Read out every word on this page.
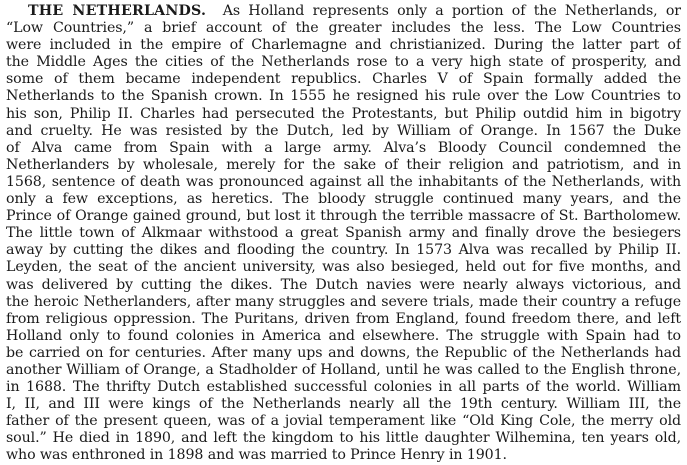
THE NETHERLANDS. As Holland represents only a portion of the Netherlands, or
“Low Countries,” a brief account of the greater includes the less. The Low Countries
were included in the empire of Charlemagne and christianized. During the latter part of
the Middle Ages the cities of the Netherlands rose to a very high state of prosperity, and
some of them became independent republics. Charles V of Spain formally added the
Netherlands to the Spanish crown. In 1555 he resigned his rule over the Low Countries to
his son, Philip II. Charles had persecuted the Protestants, but Philip outdid him in bigotry
and cruelty. He was resisted by the Dutch, led by William of Orange. In 1567 the Duke
of Alva came from Spain with a large army. Alva’s Bloody Council condemned the
Netherlanders by wholesale, merely for the sake of their religion and patriotism, and in
1568, sentence of death was pronounced against all the inhabitants of the Netherlands, with
only a few exceptions, as heretics. The bloody struggle continued many years, and the
Prince of Orange gained ground, but lost it through the terrible massacre of St. Bartholomew.
The little town of Alkmaar withstood a great Spanish army and finally drove the besiegers
away by cutting the dikes and flooding the country. In 1573 Alva was recalled by Philip II.
Leyden, the seat of the ancient university, was also besieged, held out for five months, and
was delivered by cutting the dikes. The Dutch navies were nearly always victorious, and
the heroic Netherlanders, after many struggles and severe trials, made their country a refuge
from religious oppression. The Puritans, driven from England, found freedom there, and left
Holland only to found colonies in America and elsewhere. The struggle with Spain had to
be carried on for centuries. After many ups and downs, the Republic of the Netherlands had
another William of Orange, a Stadholder of Holland, until he was called to the English throne,
in 1688. The thrifty Dutch established successful colonies in all parts of the world. William
I, II, and III were kings of the Netherlands nearly all the 19th century. William III, the
father of the present queen, was of a jovial temperament like “Old King Cole, the merry old
soul.” He died in 1890, and left the kingdom to his little daughter Wilhemina, ten years old,
who was enthroned in 1898 and was married to Prince Henry in 1901.
